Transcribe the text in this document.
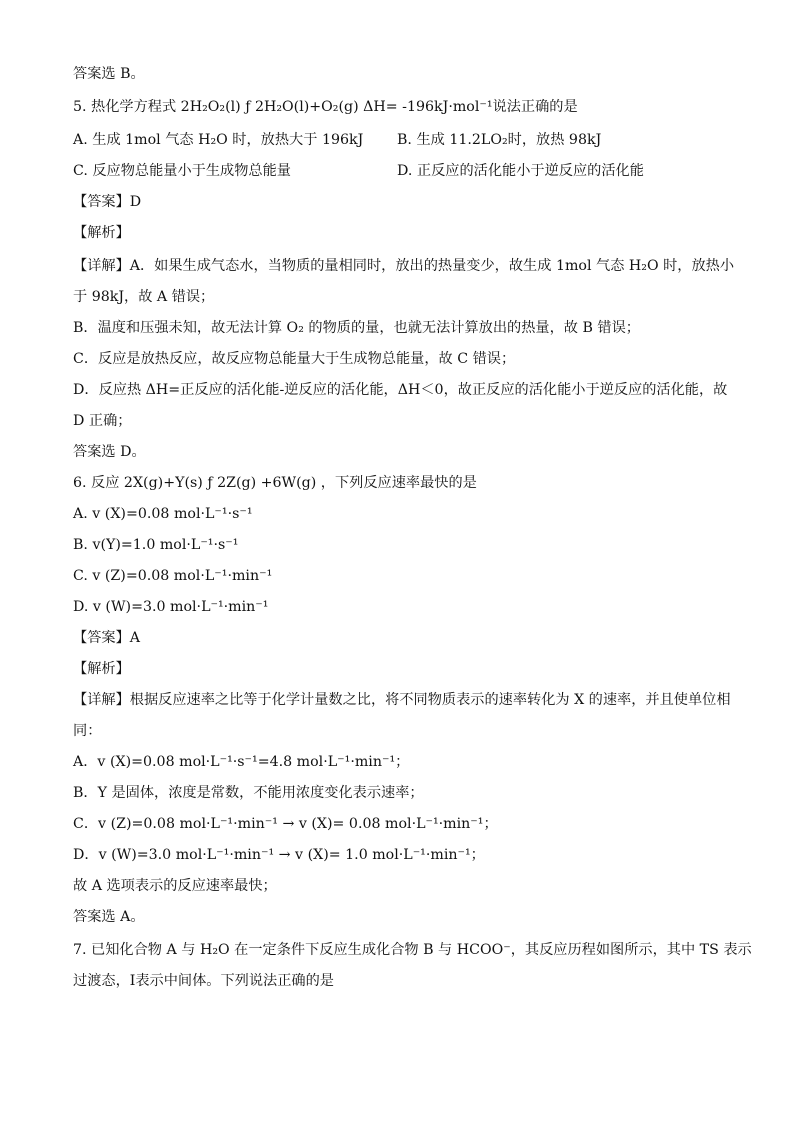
答案选 B。
5. 热化学方程式 2H₂O₂(l) ƒ 2H₂O(l)+O₂(g) ΔH= -196kJ·mol⁻¹说法正确的是
A. 生成 1mol 气态 H₂O 时，放热大于 196kJ B. 生成 11.2LO₂时，放热 98kJ
C. 反应物总能量小于生成物总能量	D. 正反应的活化能小于逆反应的活化能
【答案】D
【解析】
【详解】A．如果生成气态水，当物质的量相同时，放出的热量变少，故生成 1mol 气态 H₂O 时，放热小
于 98kJ，故 A 错误；
B．温度和压强未知，故无法计算 O₂ 的物质的量，也就无法计算放出的热量，故 B 错误；
C．反应是放热反应，故反应物总能量大于生成物总能量，故 C 错误；
D．反应热 ΔH=正反应的活化能-逆反应的活化能，ΔH＜0，故正反应的活化能小于逆反应的活化能，故
D 正确；
答案选 D。
6. 反应 2X(g)+Y(s) ƒ 2Z(g) +6W(g) ，下列反应速率最快的是
A. v (X)=0.08 mol·L⁻¹·s⁻¹
B. v(Y)=1.0 mol·L⁻¹·s⁻¹
C. v (Z)=0.08 mol·L⁻¹·min⁻¹
D. v (W)=3.0 mol·L⁻¹·min⁻¹
【答案】A
【解析】
【详解】根据反应速率之比等于化学计量数之比，将不同物质表示的速率转化为 X 的速率，并且使单位相
同：
A．v (X)=0.08 mol·L⁻¹·s⁻¹=4.8 mol·L⁻¹·min⁻¹；
B．Y 是固体，浓度是常数，不能用浓度变化表示速率；
C．v (Z)=0.08 mol·L⁻¹·min⁻¹ → v (X)= 0.08 mol·L⁻¹·min⁻¹；
D．v (W)=3.0 mol·L⁻¹·min⁻¹ → v (X)= 1.0 mol·L⁻¹·min⁻¹；
故 A 选项表示的反应速率最快；
答案选 A。
7. 已知化合物 A 与 H₂O 在一定条件下反应生成化合物 B 与 HCOO⁻，其反应历程如图所示，其中 TS 表示
过渡态，Ⅰ表示中间体。下列说法正确的是
